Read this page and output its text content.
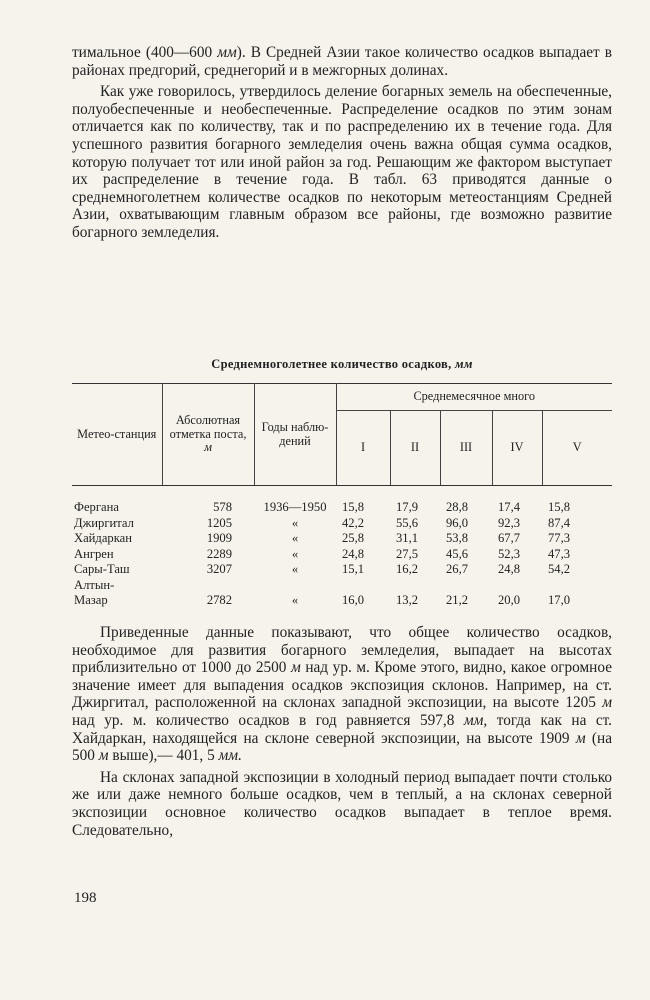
тимальное (400—600 мм). В Средней Азии такое количество осадков выпадает в районах предгорий, среднегорий и в межгорных долинах.

Как уже говорилось, утвердилось деление богарных земель на обеспеченные, полуобеспеченные и необеспеченные. Распределение осадков по этим зонам отличается как по количеству, так и по распределению их в течение года. Для успешного развития богарного земледелия очень важна общая сумма осадков, которую получает тот или иной район за год. Решающим же фактором выступает их распределение в течение года. В табл. 63 приводятся данные о среднемноголетнем количестве осадков по некоторым метеостанциям Средней Азии, охватывающим главным образом все районы, где возможно развитие богарного земледелия.

Среднемноголетнее количество осадков, мм
Метео-станция	Абсолютная отметка поста, м	Годы наблю-дений	Среднемесячное много				
			I	II	III	IV	V
Фергана	578	1936—1950	15,8	17,9	28,8	17,4	15,8
Джиргитал	1205	«	42,2	55,6	96,0	92,3	87,4
Хайдаркан	1909	«	25,8	31,1	53,8	67,7	77,3
Ангрен	2289	«	24,8	27,5	45,6	52,3	47,3
Сары-Таш	3207	«	15,1	16,2	26,7	24,8	54,2
Алтын-							
Мазар	2782	«	16,0	13,2	21,2	20,0	17,0

Приведенные данные показывают, что общее количество осадков, необходимое для развития богарного земледелия, выпадает на высотах приблизительно от 1000 до 2500 м над ур. м. Кроме этого, видно, какое огромное значение имеет для выпадения осадков экспозиция склонов. Например, на ст. Джиргитал, расположенной на склонах западной экспозиции, на высоте 1205 м над ур. м. количество осадков в год равняется 597,8 мм, тогда как на ст. Хайдаркан, находящейся на склоне северной экспозиции, на высоте 1909 м (на 500 м выше),— 401, 5 мм.

На склонах западной экспозиции в холодный период выпадает почти столько же или даже немного больше осадков, чем в теплый, а на склонах северной экспозиции основное количество осадков выпадает в теплое время. Следовательно,

198
